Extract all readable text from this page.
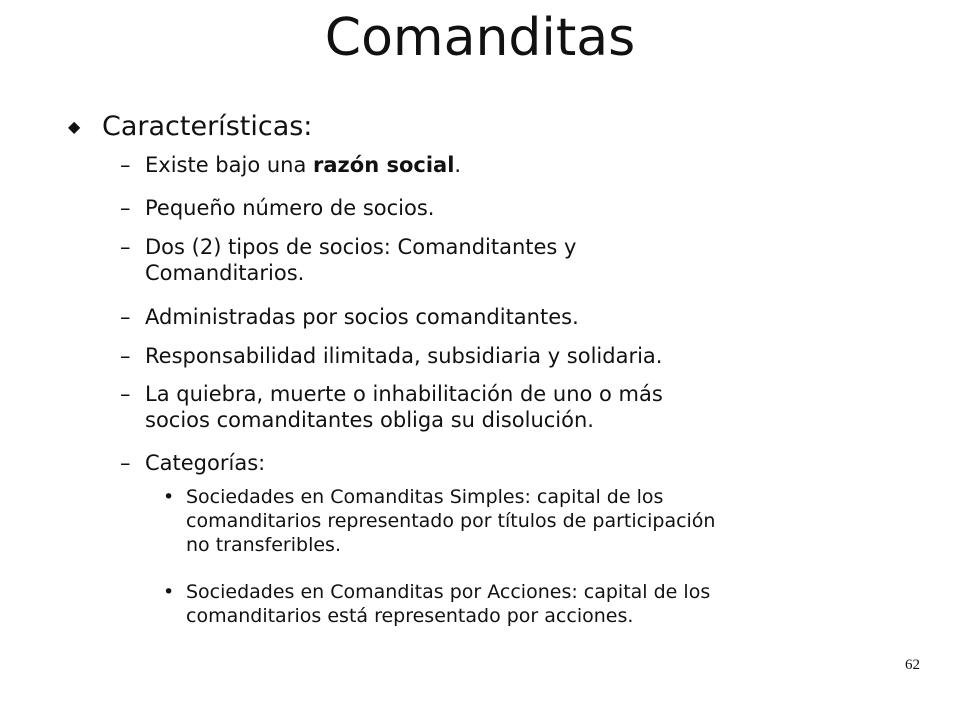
Comanditas
◆ Características:
– Existe bajo una razón social.
– Pequeño número de socios.
– Dos (2) tipos de socios: Comanditantes y
Comanditarios.
– Administradas por socios comanditantes.
– Responsabilidad ilimitada, subsidiaria y solidaria.
– La quiebra, muerte o inhabilitación de uno o más
socios comanditantes obliga su disolución.
– Categorías:
• Sociedades en Comanditas Simples: capital de los
comanditarios representado por títulos de participación
no transferibles.
• Sociedades en Comanditas por Acciones: capital de los
comanditarios está representado por acciones.
62
